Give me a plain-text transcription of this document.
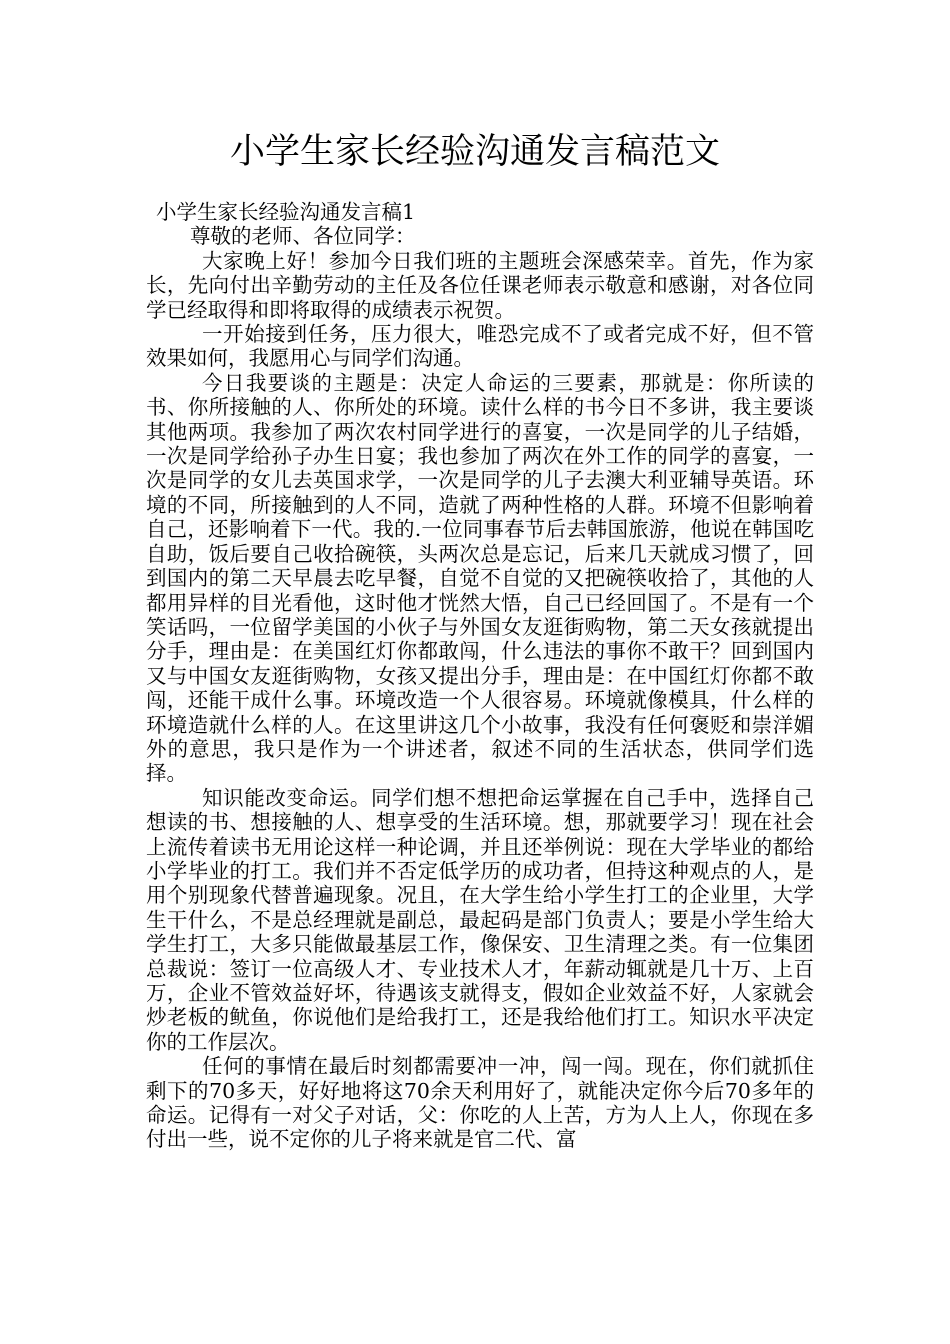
小学生家长经验沟通发言稿范文

小学生家长经验沟通发言稿1

尊敬的老师、各位同学：

大家晚上好！参加今日我们班的主题班会深感荣幸。首先，作为家长，先向付出辛勤劳动的主任及各位任课老师表示敬意和感谢，对各位同学已经取得和即将取得的成绩表示祝贺。

一开始接到任务，压力很大，唯恐完成不了或者完成不好，但不管效果如何，我愿用心与同学们沟通。

今日我要谈的主题是：决定人命运的三要素，那就是：你所读的书、你所接触的人、你所处的环境。读什么样的书今日不多讲，我主要谈其他两项。我参加了两次农村同学进行的喜宴，一次是同学的儿子结婚，一次是同学给孙子办生日宴；我也参加了两次在外工作的同学的喜宴，一次是同学的女儿去英国求学，一次是同学的儿子去澳大利亚辅导英语。环境的不同，所接触到的人不同，造就了两种性格的人群。环境不但影响着自己，还影响着下一代。我的.一位同事春节后去韩国旅游，他说在韩国吃自助，饭后要自己收拾碗筷，头两次总是忘记，后来几天就成习惯了，回到国内的第二天早晨去吃早餐，自觉不自觉的又把碗筷收拾了，其他的人都用异样的目光看他，这时他才恍然大悟，自己已经回国了。不是有一个笑话吗，一位留学美国的小伙子与外国女友逛街购物，第二天女孩就提出分手，理由是：在美国红灯你都敢闯，什么违法的事你不敢干？回到国内又与中国女友逛街购物，女孩又提出分手，理由是：在中国红灯你都不敢闯，还能干成什么事。环境改造一个人很容易。环境就像模具，什么样的环境造就什么样的人。在这里讲这几个小故事，我没有任何褒贬和崇洋媚外的意思，我只是作为一个讲述者，叙述不同的生活状态，供同学们选择。

知识能改变命运。同学们想不想把命运掌握在自己手中，选择自己想读的书、想接触的人、想享受的生活环境。想，那就要学习！现在社会上流传着读书无用论这样一种论调，并且还举例说：现在大学毕业的都给小学毕业的打工。我们并不否定低学历的成功者，但持这种观点的人，是用个别现象代替普遍现象。况且，在大学生给小学生打工的企业里，大学生干什么，不是总经理就是副总，最起码是部门负责人；要是小学生给大学生打工，大多只能做最基层工作，像保安、卫生清理之类。有一位集团总裁说：签订一位高级人才、专业技术人才，年薪动辄就是几十万、上百万，企业不管效益好坏，待遇该支就得支，假如企业效益不好，人家就会炒老板的鱿鱼，你说他们是给我打工，还是我给他们打工。知识水平决定你的工作层次。

任何的事情在最后时刻都需要冲一冲，闯一闯。现在，你们就抓住剩下的70多天，好好地将这70余天利用好了，就能决定你今后70多年的命运。记得有一对父子对话，父：你吃的人上苦，方为人上人，你现在多付出一些，说不定你的儿子将来就是官二代、富
